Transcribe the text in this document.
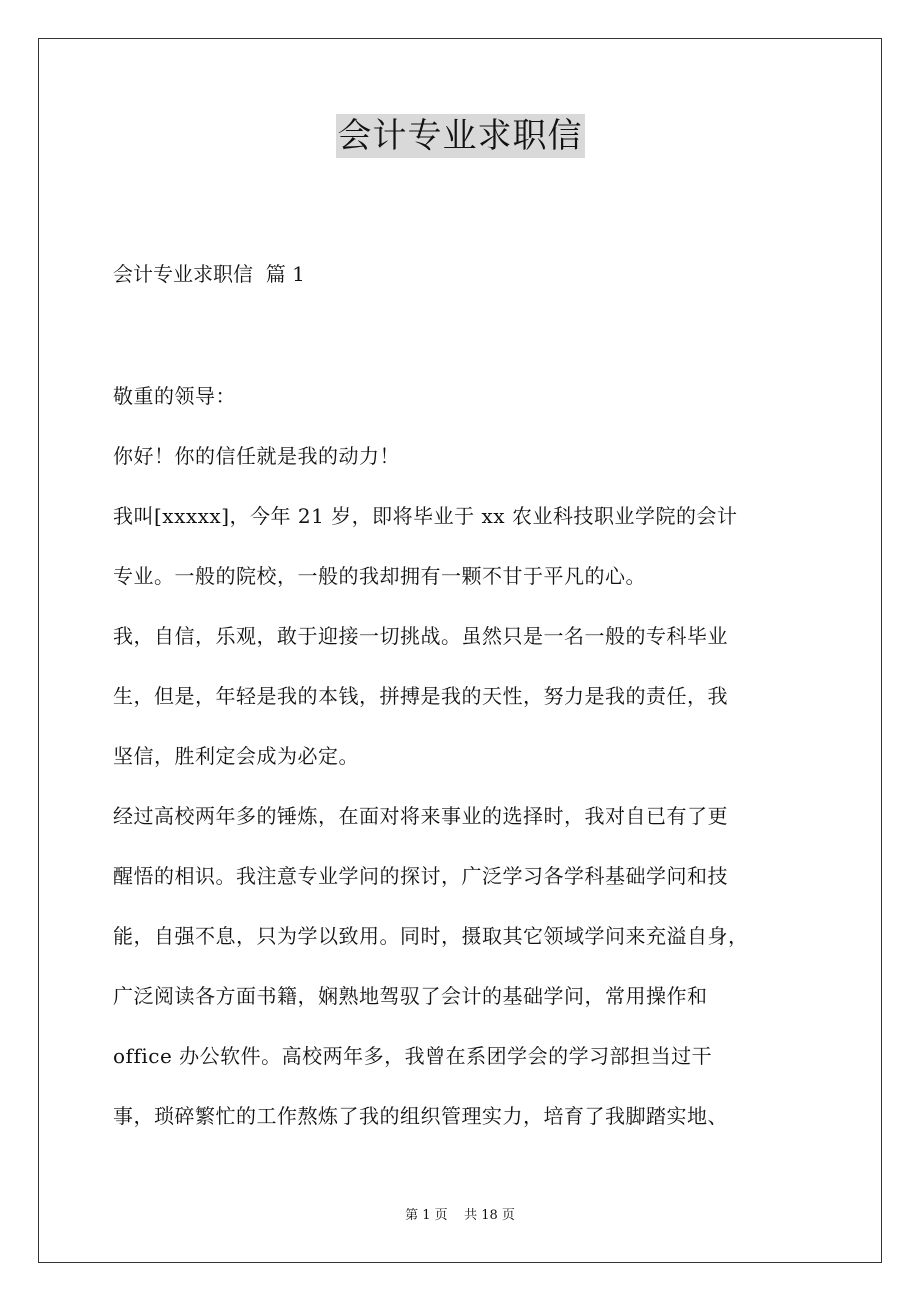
会计专业求职信
会计专业求职信  篇 1
敬重的领导：
你好！你的信任就是我的动力！
我叫[xxxxx]，今年 21 岁，即将毕业于 xx 农业科技职业学院的会计
专业。一般的院校，一般的我却拥有一颗不甘于平凡的心。
我，自信，乐观，敢于迎接一切挑战。虽然只是一名一般的专科毕业
生，但是，年轻是我的本钱，拼搏是我的天性，努力是我的责任，我
坚信，胜利定会成为必定。
经过高校两年多的锤炼，在面对将来事业的选择时，我对自已有了更
醒悟的相识。我注意专业学问的探讨，广泛学习各学科基础学问和技
能，自强不息，只为学以致用。同时，摄取其它领域学问来充溢自身，
广泛阅读各方面书籍，娴熟地驾驭了会计的基础学问，常用操作和
office 办公软件。高校两年多，我曾在系团学会的学习部担当过干
事，琐碎繁忙的工作熬炼了我的组织管理实力，培育了我脚踏实地、
第 1 页    共 18 页
